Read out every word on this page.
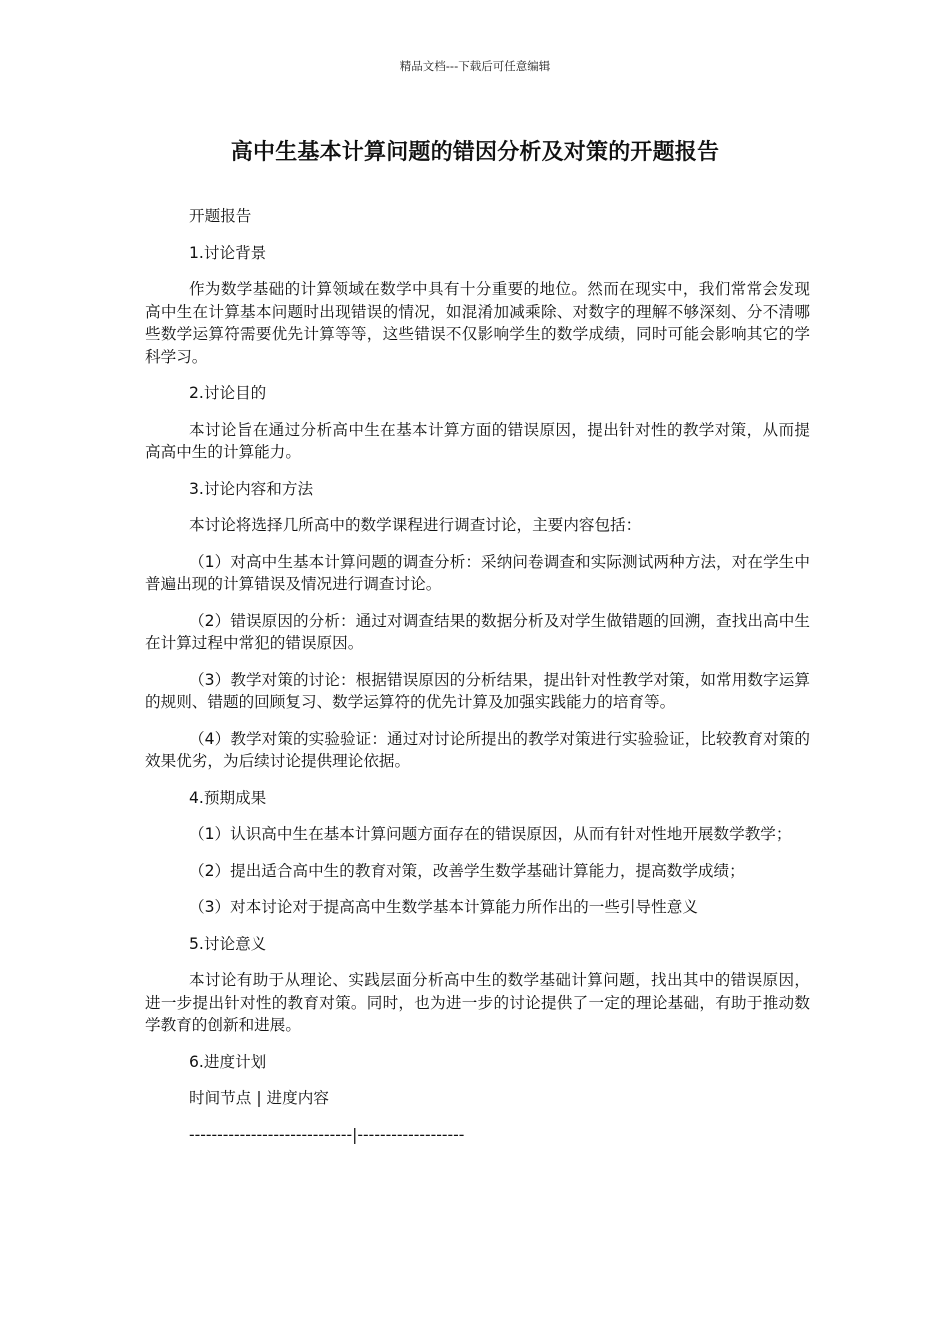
精品文档---下载后可任意编辑
高中生基本计算问题的错因分析及对策的开题报告

开题报告

1.讨论背景

作为数学基础的计算领域在数学中具有十分重要的地位。然而在现实中，我们常常会发现高中生在计算基本问题时出现错误的情况，如混淆加减乘除、对数字的理解不够深刻、分不清哪些数学运算符需要优先计算等等，这些错误不仅影响学生的数学成绩，同时可能会影响其它的学科学习。

2.讨论目的

本讨论旨在通过分析高中生在基本计算方面的错误原因，提出针对性的教学对策，从而提高高中生的计算能力。

3.讨论内容和方法

本讨论将选择几所高中的数学课程进行调查讨论，主要内容包括：

（1）对高中生基本计算问题的调查分析：采纳问卷调查和实际测试两种方法，对在学生中普遍出现的计算错误及情况进行调查讨论。

（2）错误原因的分析：通过对调查结果的数据分析及对学生做错题的回溯，查找出高中生在计算过程中常犯的错误原因。

（3）教学对策的讨论：根据错误原因的分析结果，提出针对性教学对策，如常用数字运算的规则、错题的回顾复习、数学运算符的优先计算及加强实践能力的培育等。

（4）教学对策的实验验证：通过对讨论所提出的教学对策进行实验验证，比较教育对策的效果优劣，为后续讨论提供理论依据。

4.预期成果

（1）认识高中生在基本计算问题方面存在的错误原因，从而有针对性地开展数学教学；

（2）提出适合高中生的教育对策，改善学生数学基础计算能力，提高数学成绩；

（3）对本讨论对于提高高中生数学基本计算能力所作出的一些引导性意义

5.讨论意义

本讨论有助于从理论、实践层面分析高中生的数学基础计算问题，找出其中的错误原因，进一步提出针对性的教育对策。同时，也为进一步的讨论提供了一定的理论基础，有助于推动数学教育的创新和进展。

6.进度计划

时间节点 | 进度内容

-----------------------------|-------------------
